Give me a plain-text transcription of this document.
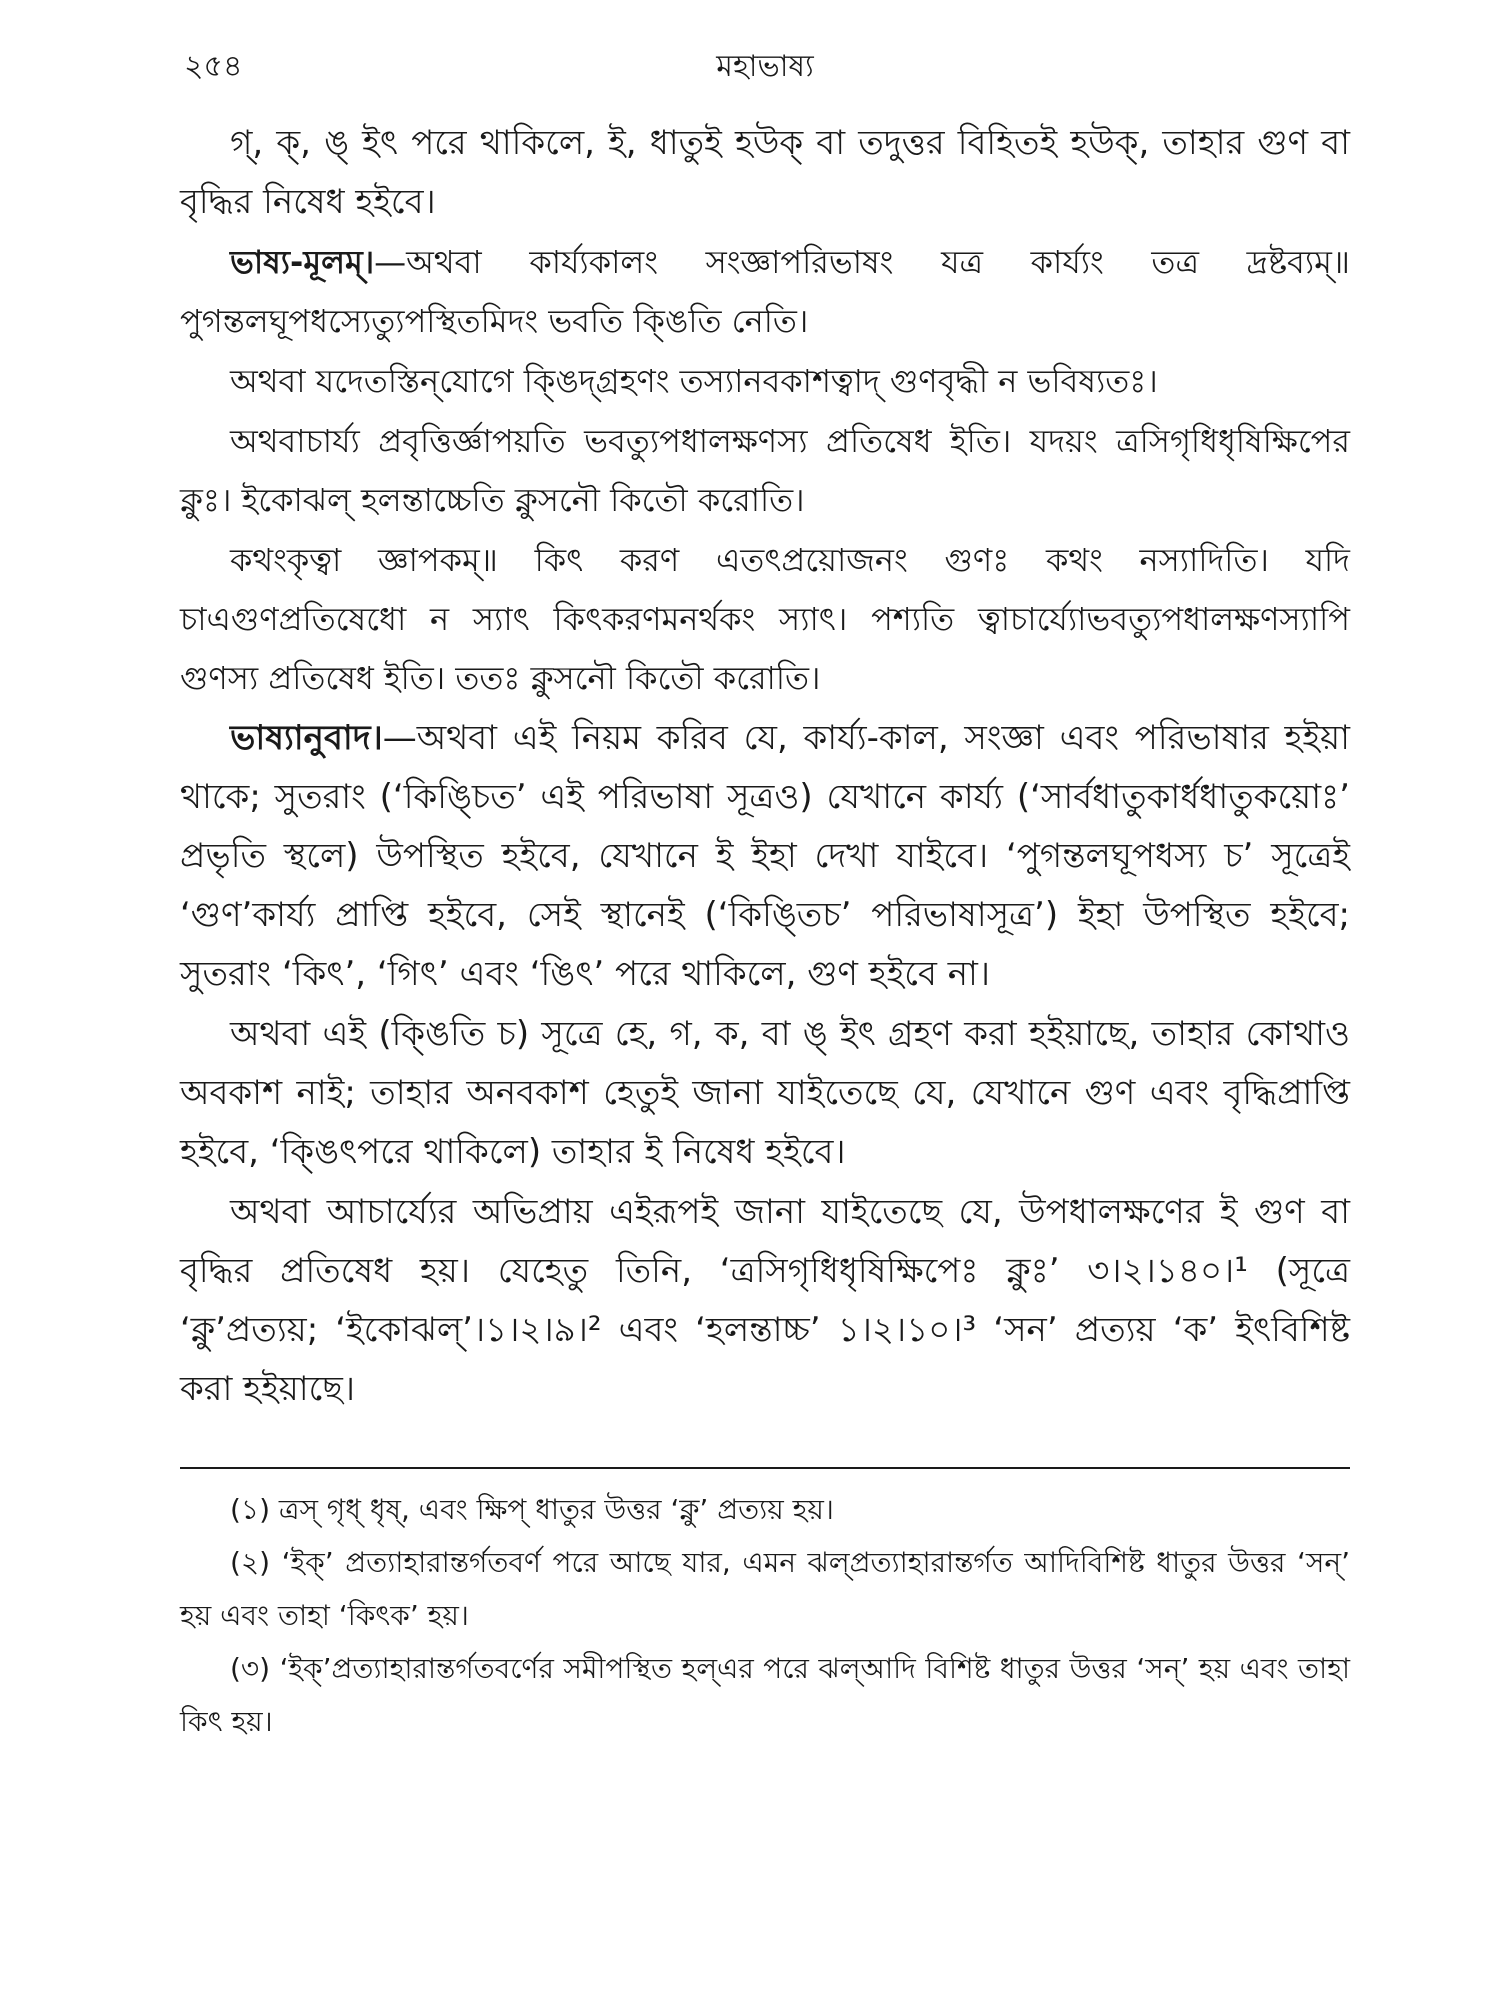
২৫৪	মহাভাষ্য

গ্, ক্, ঙ্ ইৎ পরে থাকিলে, ই, ধাতুই হউক্ বা তদুত্তর বিহিতই হউক্, তাহার গুণ বা বৃদ্ধির নিষেধ হইবে।

ভাষ্য-মূলম্।—অথবা কার্য্যকালং সংজ্ঞাপরিভাষং যত্র কার্য্যং তত্র দ্রষ্টব্যম্॥ পুগন্তলঘূপধস্যেত্যুপস্থিতমিদং ভবতি ক্ঙিতি নেতি।

অথবা যদেতস্তিন্‌যোগে ক্ঙিদ্গ্রহণং তস্যানবকাশত্বাদ্ গুণবৃদ্ধী ন ভবিষ্যতঃ।

অথবাচার্য্য প্রবৃত্তির্জ্ঞাপয়তি ভবত্যুপধালক্ষণস্য প্রতিষেধ ইতি। যদয়ং ত্রসিগৃধিধৃষিক্ষিপের ক্নুঃ। ইকোঝল্ হলন্তাচ্চেতি ক্নুসনৌ কিতৌ করোতি।

কথংকৃত্বা জ্ঞাপকম্॥ কিৎ করণ এতৎপ্রয়োজনং গুণঃ কথং নস্যাদিতি। যদি চাএগুণপ্রতিষেধো ন স্যাৎ কিৎকরণমনর্থকং স্যাৎ। পশ্যতি ত্বাচার্য্যোভবত্যুপধালক্ষণস্যাপি গুণস্য প্রতিষেধ ইতি। ততঃ ক্নুসনৌ কিতৌ করোতি।

ভাষ্যানুবাদ।—অথবা এই নিয়ম করিব যে, কার্য্য-কাল, সংজ্ঞা এবং পরিভাষার হইয়া থাকে; সুতরাং (‘কিঙ্চিত’ এই পরিভাষা সূত্রও) যেখানে কার্য্য (‘সার্বধাতুকার্ধধাতুকয়োঃ’ প্রভৃতি স্থলে) উপস্থিত হইবে, যেখানে ই ইহা দেখা যাইবে। ‘পুগন্তলঘূপধস্য চ’ সূত্রেই ‘গুণ’কার্য্য প্রাপ্তি হইবে, সেই স্থানেই (‘কিঙ্তিচ’ পরিভাষাসূত্র’) ইহা উপস্থিত হইবে; সুতরাং ‘কিৎ’, ‘গিৎ’ এবং ‘ঙিৎ’ পরে থাকিলে, গুণ হইবে না।

অথবা এই (ক্ঙিতি চ) সূত্রে হে, গ, ক, বা ঙ্ ইৎ গ্রহণ করা হইয়াছে, তাহার কোথাও অবকাশ নাই; তাহার অনবকাশ হেতুই জানা যাইতেছে যে, যেখানে গুণ এবং বৃদ্ধিপ্রাপ্তি হইবে, ‘ক্ঙিৎপরে থাকিলে) তাহার ই নিষেধ হইবে।

অথবা আচার্য্যের অভিপ্রায় এইরূপই জানা যাইতেছে যে, উপধালক্ষণের ই গুণ বা বৃদ্ধির প্রতিষেধ হয়। যেহেতু তিনি, ‘ত্রসিগৃধিধৃষিক্ষিপেঃ ক্নুঃ’ ৩।২।১৪০।¹ (সূত্রে ‘ক্নু’প্রত্যয়; ‘ইকোঝল্’।১।২।৯।² এবং ‘হলন্তাচ্চ’ ১।২।১০।³ ‘সন’ প্রত্যয় ‘ক’ ইৎবিশিষ্ট করা হইয়াছে।

(১) ত্রস্ গৃধ্ ধৃষ্, এবং ক্ষিপ্ ধাতুর উত্তর ‘ক্নু’ প্রত্যয় হয়।

(২) ‘ইক্’ প্রত্যাহারান্তর্গতবর্ণ পরে আছে যার, এমন ঝল্‌প্রত্যাহারান্তর্গত আদিবিশিষ্ট ধাতুর উত্তর ‘সন্’ হয় এবং তাহা ‘কিৎক’ হয়।

(৩) ‘ইক্’প্রত্যাহারান্তর্গতবর্ণের সমীপস্থিত হল্‌এর পরে ঝল্‌আদি বিশিষ্ট ধাতুর উত্তর ‘সন্’ হয় এবং তাহা কিৎ হয়।
